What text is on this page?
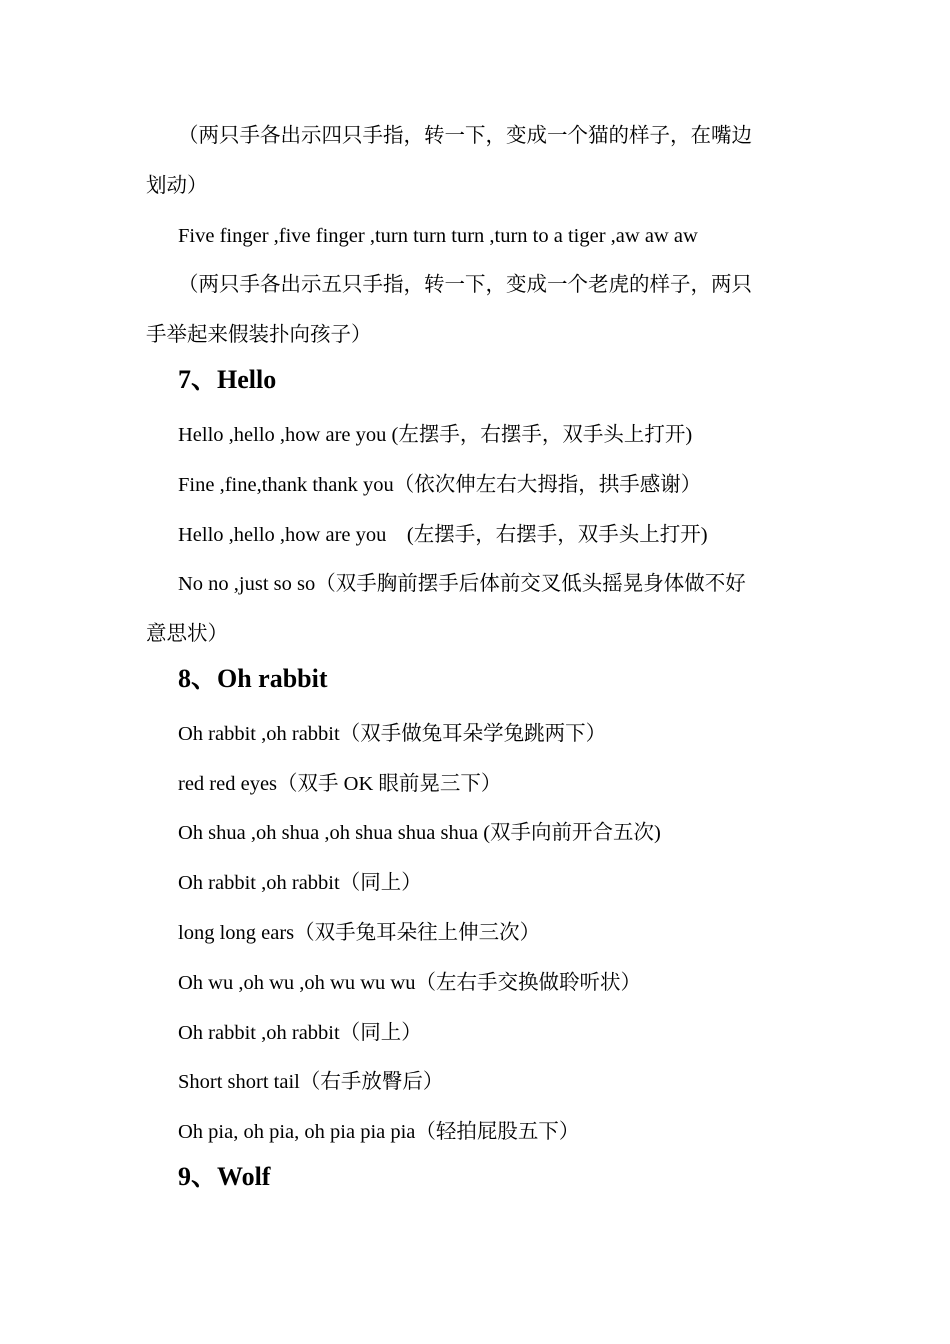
（两只手各出示四只手指，转一下，变成一个猫的样子，在嘴边
划动）
Five finger ,five finger ,turn turn turn ,turn to a tiger ,aw aw aw
（两只手各出示五只手指，转一下，变成一个老虎的样子，两只
手举起来假装扑向孩子）
7、Hello
Hello ,hello ,how are you (左摆手，右摆手，双手头上打开)
Fine ,fine,thank thank you（依次伸左右大拇指，拱手感谢）
Hello ,hello ,how are you　(左摆手，右摆手，双手头上打开)
No no ,just so so（双手胸前摆手后体前交叉低头摇晃身体做不好
意思状）
8、Oh rabbit
Oh rabbit ,oh rabbit（双手做兔耳朵学兔跳两下）
red red eyes（双手 OK 眼前晃三下）
Oh shua ,oh shua ,oh shua shua shua (双手向前开合五次)
Oh rabbit ,oh rabbit（同上）
long long ears（双手兔耳朵往上伸三次）
Oh wu ,oh wu ,oh wu wu wu（左右手交换做聆听状）
Oh rabbit ,oh rabbit（同上）
Short short tail（右手放臀后）
Oh pia, oh pia, oh pia pia pia（轻拍屁股五下）
9、Wolf
